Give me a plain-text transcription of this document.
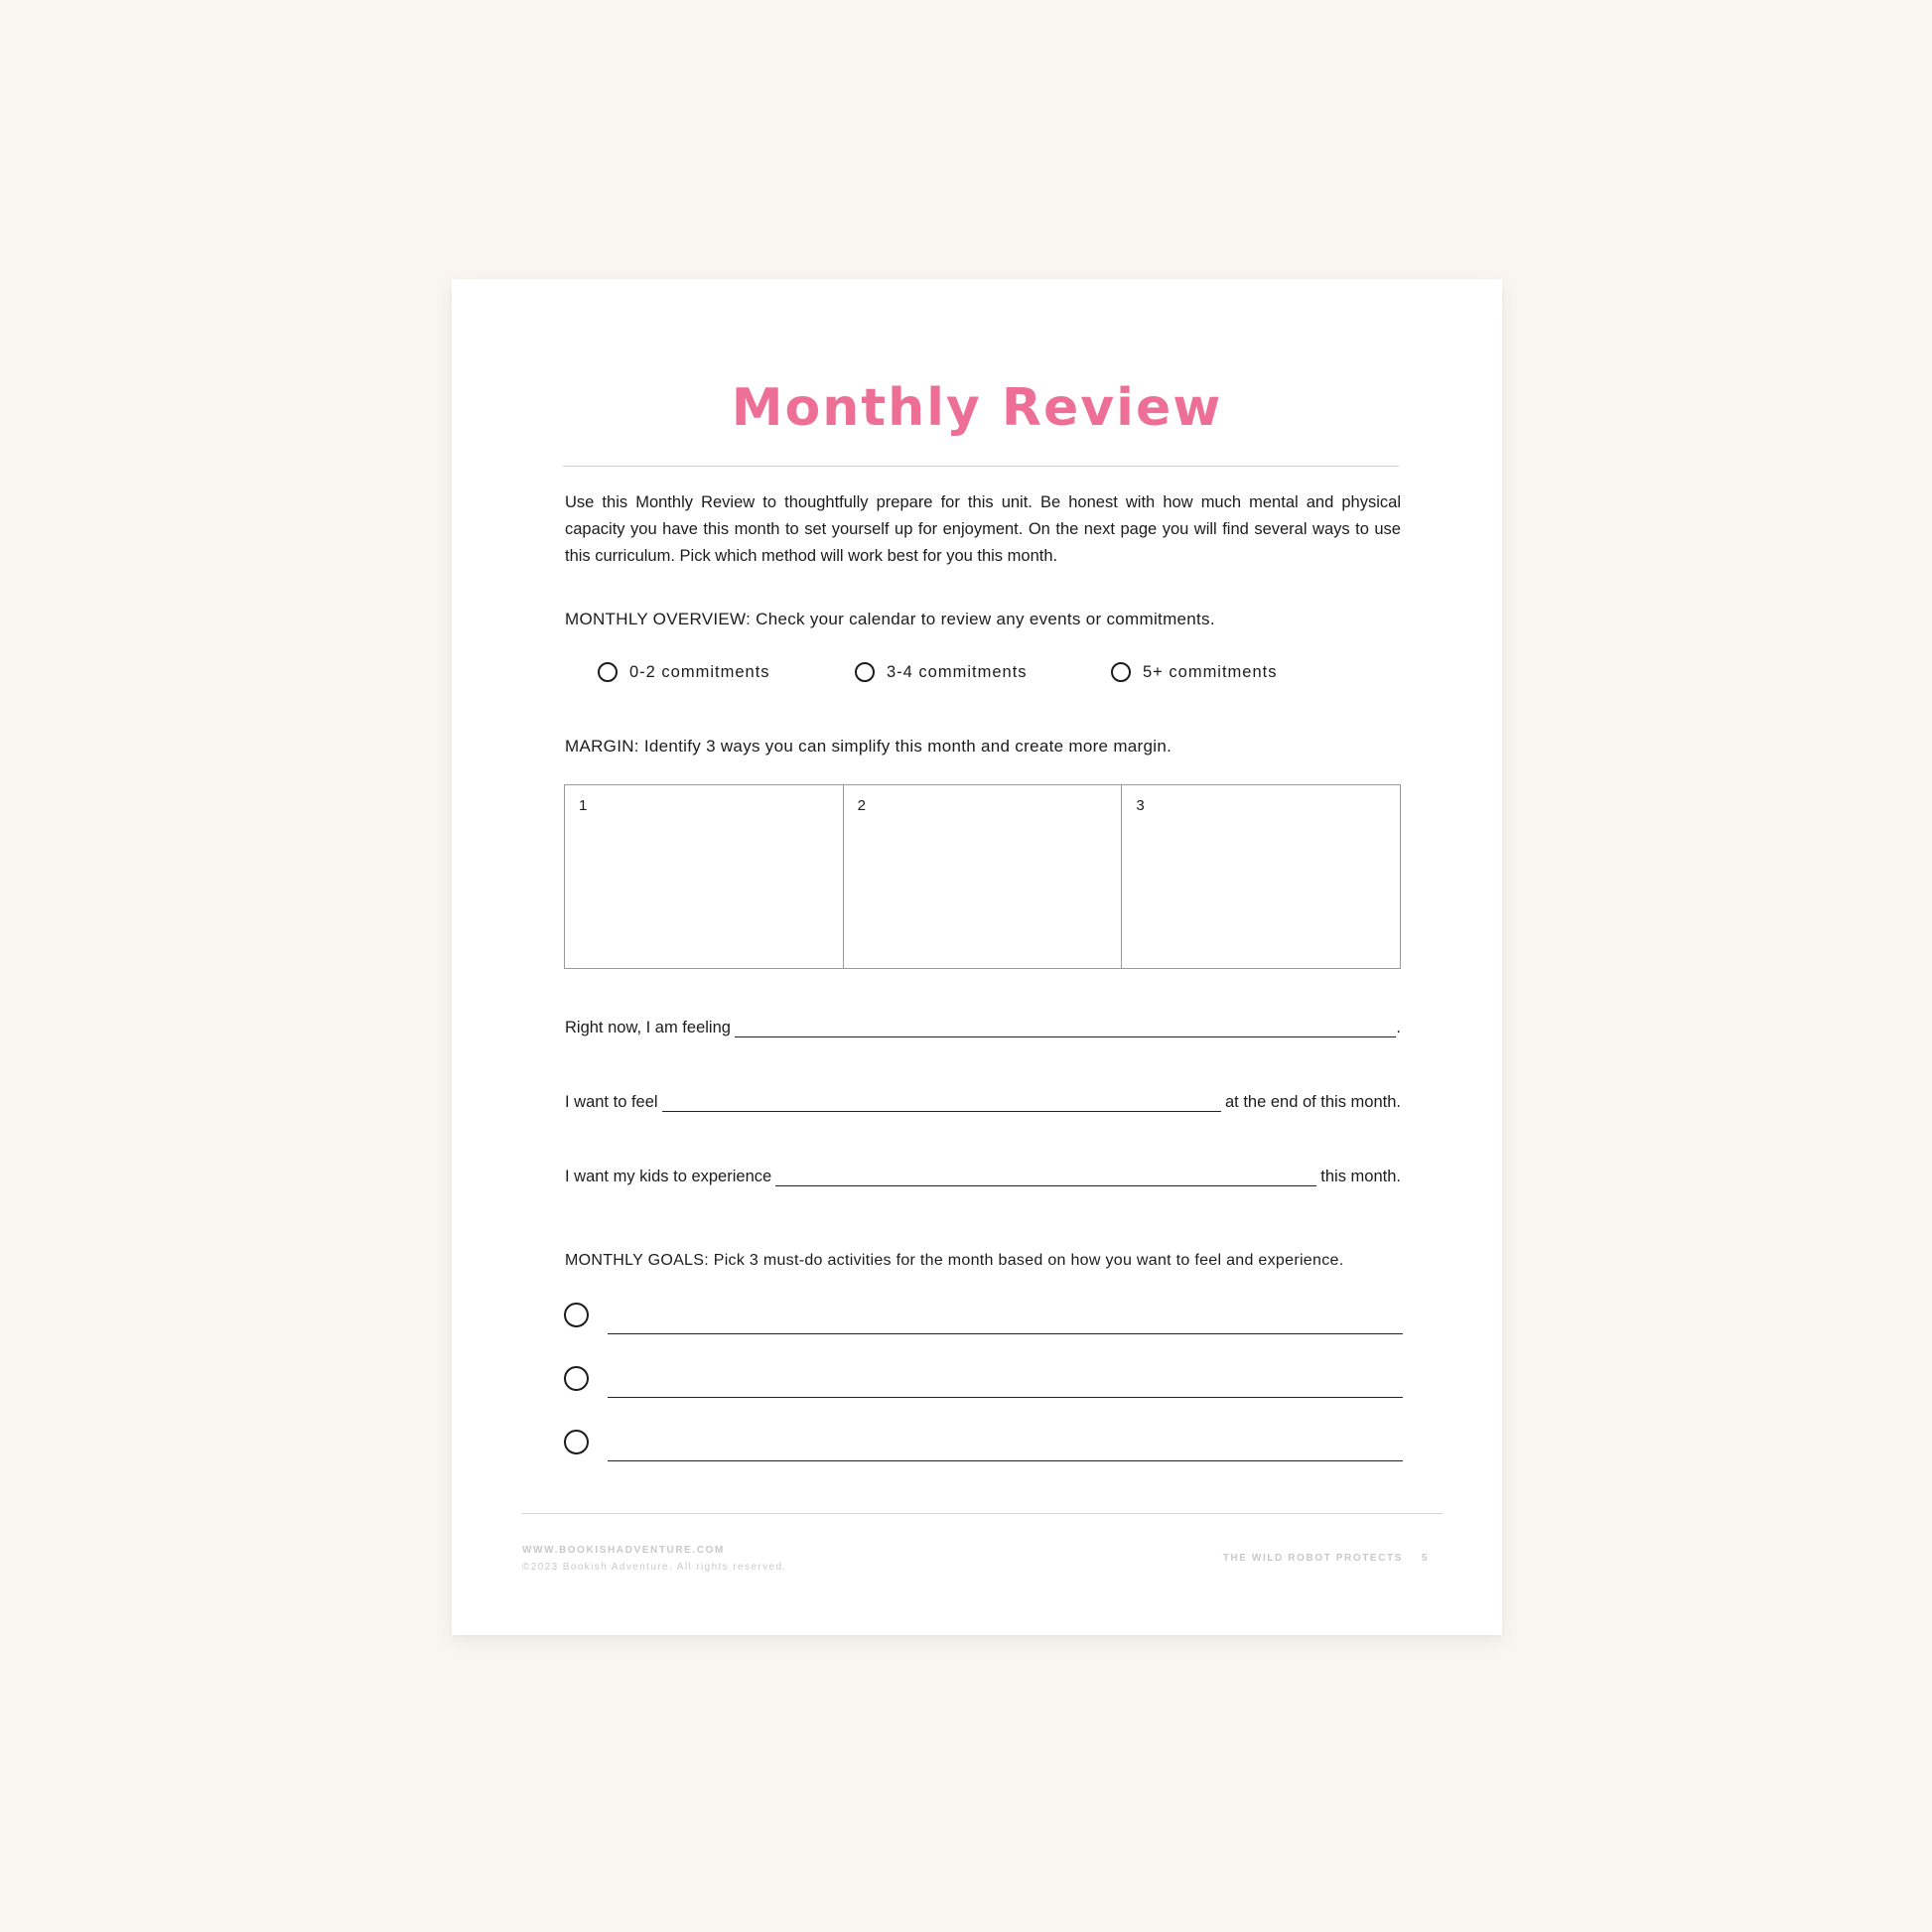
Monthly Review
Use this Monthly Review to thoughtfully prepare for this unit. Be honest with how much mental and physical capacity you have this month to set yourself up for enjoyment. On the next page you will find several ways to use this curriculum. Pick which method will work best for you this month.
MONTHLY OVERVIEW: Check your calendar to review any events or commitments.
0-2 commitments	3-4 commitments	5+ commitments
MARGIN: Identify 3 ways you can simplify this month and create more margin.
1	2	3
Right now, I am feeling	.
I want to feel	at the end of this month.
I want my kids to experience	this month.
MONTHLY GOALS: Pick 3 must-do activities for the month based on how you want to feel and experience.
WWW.BOOKISHADVENTURE.COM
©2023 Bookish Adventure. All rights reserved.
THE WILD ROBOT PROTECTS 5
